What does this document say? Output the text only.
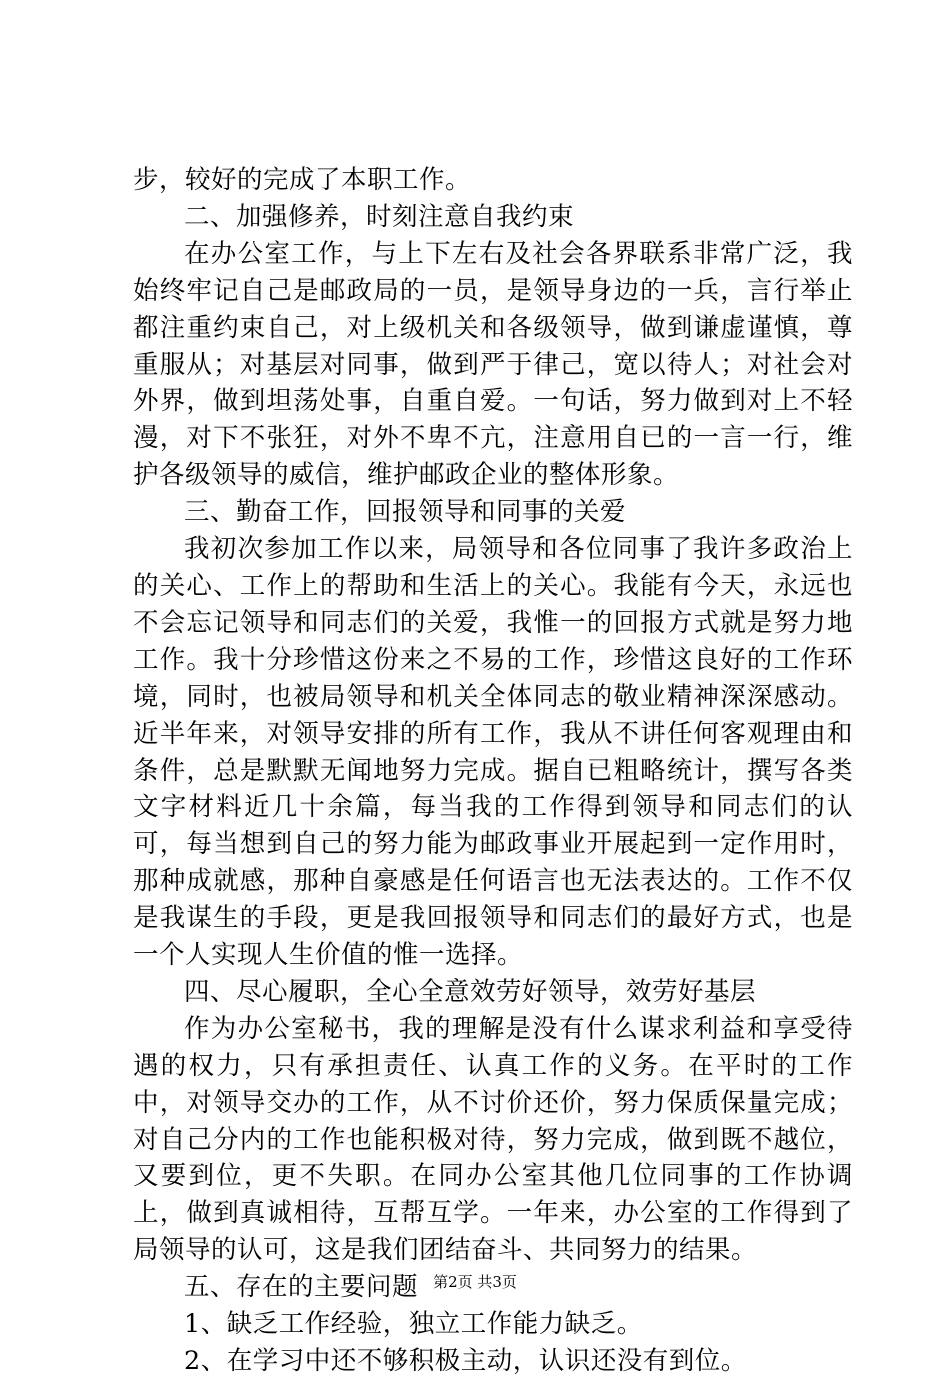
步，较好的完成了本职工作。

二、加强修养，时刻注意自我约束

在办公室工作，与上下左右及社会各界联系非常广泛，我始终牢记自己是邮政局的一员，是领导身边的一兵，言行举止都注重约束自己，对上级机关和各级领导，做到谦虚谨慎，尊重服从；对基层对同事，做到严于律己，宽以待人；对社会对外界，做到坦荡处事，自重自爱。一句话，努力做到对上不轻漫，对下不张狂，对外不卑不亢，注意用自已的一言一行，维护各级领导的威信，维护邮政企业的整体形象。

三、勤奋工作，回报领导和同事的关爱

我初次参加工作以来，局领导和各位同事了我许多政治上的关心、工作上的帮助和生活上的关心。我能有今天，永远也不会忘记领导和同志们的关爱，我惟一的回报方式就是努力地工作。我十分珍惜这份来之不易的工作，珍惜这良好的工作环境，同时，也被局领导和机关全体同志的敬业精神深深感动。近半年来，对领导安排的所有工作，我从不讲任何客观理由和条件，总是默默无闻地努力完成。据自已粗略统计，撰写各类文字材料近几十余篇，每当我的工作得到领导和同志们的认可，每当想到自己的努力能为邮政事业开展起到一定作用时，那种成就感，那种自豪感是任何语言也无法表达的。工作不仅是我谋生的手段，更是我回报领导和同志们的最好方式，也是一个人实现人生价值的惟一选择。

四、尽心履职，全心全意效劳好领导，效劳好基层

作为办公室秘书，我的理解是没有什么谋求利益和享受待遇的权力，只有承担责任、认真工作的义务。在平时的工作中，对领导交办的工作，从不讨价还价，努力保质保量完成；对自己分内的工作也能积极对待，努力完成，做到既不越位，又要到位，更不失职。在同办公室其他几位同事的工作协调上，做到真诚相待，互帮互学。一年来，办公室的工作得到了局领导的认可，这是我们团结奋斗、共同努力的结果。

五、存在的主要问题

1、缺乏工作经验，独立工作能力缺乏。

2、在学习中还不够积极主动，认识还没有到位。

第2页 共3页
